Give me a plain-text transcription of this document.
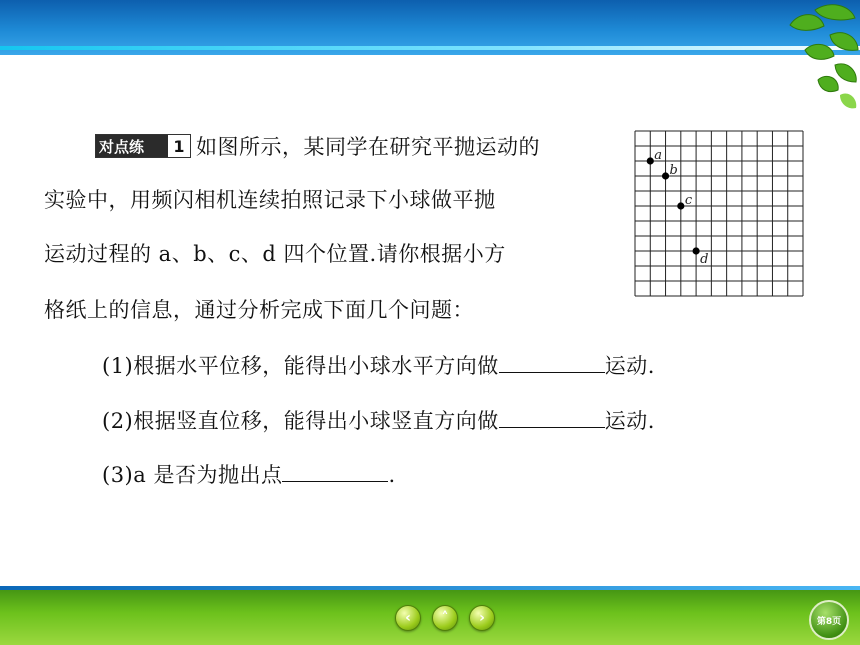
对点练	1 如图所示，某同学在研究平抛运动的
实验中，用频闪相机连续拍照记录下小球做平抛
运动过程的 a、b、c、d 四个位置.请你根据小方
格纸上的信息，通过分析完成下面几个问题：
(1)根据水平位移，能得出小球水平方向做	运动.
(2)根据竖直位移，能得出小球竖直方向做	运动.
(3)a 是否为抛出点	.
a
b
c
d
‹ ˄ ›	第8页
